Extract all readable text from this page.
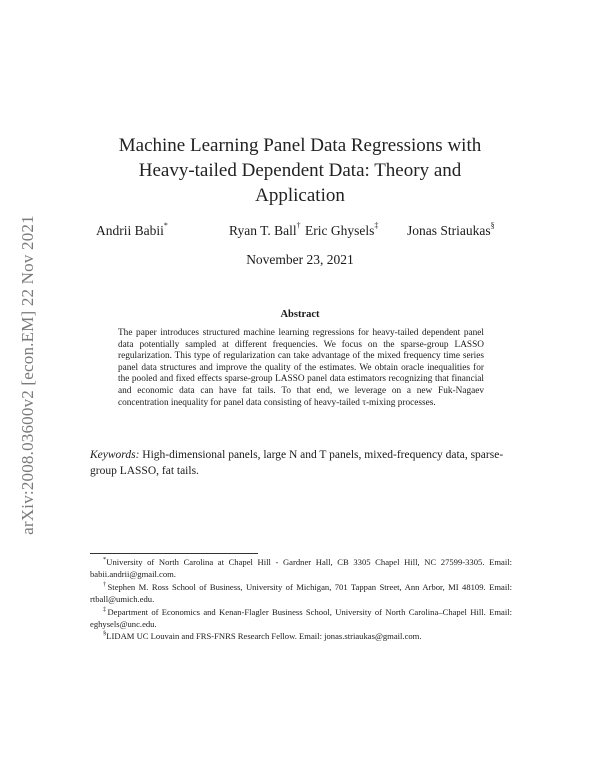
arXiv:2008.03600v2 [econ.EM] 22 Nov 2021
Machine Learning Panel Data Regressions with
Heavy-tailed Dependent Data: Theory and
Application
Andrii Babii*	Ryan T. Ball† Eric Ghysels‡ Jonas Striaukas§
November 23, 2021
Abstract
The paper introduces structured machine learning regressions for heavy-tailed dependent panel data potentially sampled at different frequencies. We focus on the sparse-group LASSO regularization. This type of regularization can take advantage of the mixed frequency time series panel data structures and improve the quality of the estimates. We obtain oracle inequalities for the pooled and fixed effects sparse-group LASSO panel data estimators recognizing that financial and economic data can have fat tails. To that end, we leverage on a new Fuk-Nagaev concentration inequality for panel data consisting of heavy-tailed τ-mixing processes.
Keywords: High-dimensional panels, large N and T panels, mixed-frequency data, sparse-group LASSO, fat tails.
*University of North Carolina at Chapel Hill - Gardner Hall, CB 3305 Chapel Hill, NC 27599-3305. Email: babii.andrii@gmail.com.
†Stephen M. Ross School of Business, University of Michigan, 701 Tappan Street, Ann Arbor, MI 48109. Email: rtball@umich.edu.
‡Department of Economics and Kenan-Flagler Business School, University of North Carolina–Chapel Hill. Email: eghysels@unc.edu.
§LIDAM UC Louvain and FRS-FNRS Research Fellow. Email: jonas.striaukas@gmail.com.
